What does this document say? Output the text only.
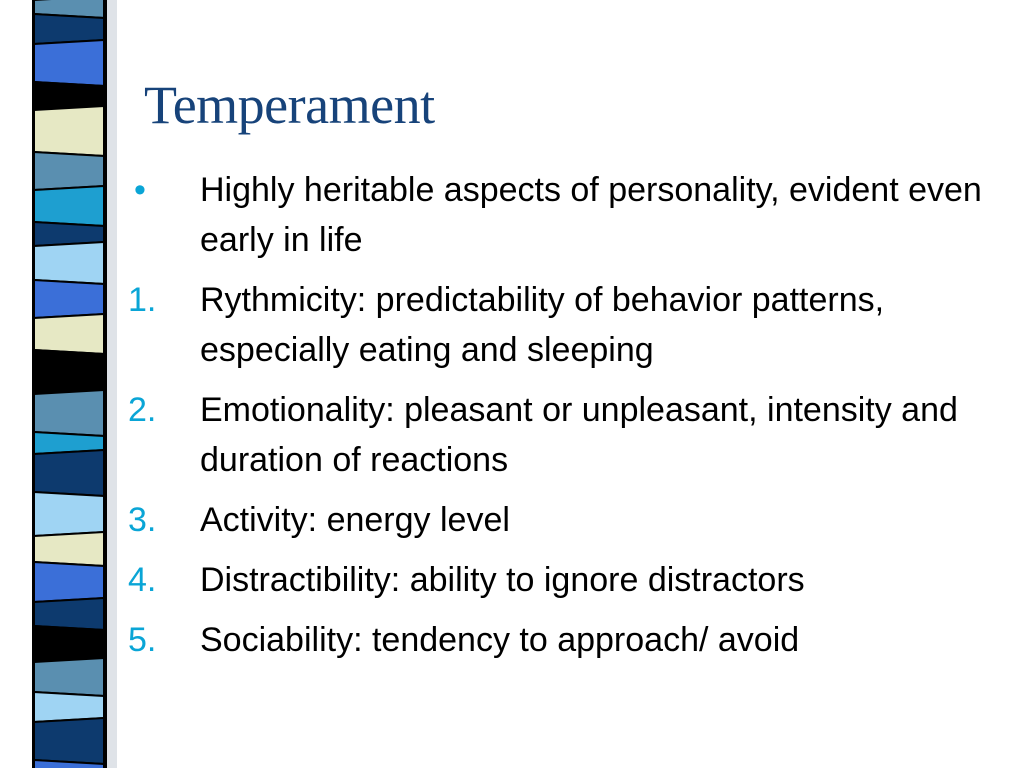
Temperament
• Highly heritable aspects of personality, evident even early in life
1. Rythmicity: predictability of behavior patterns, especially eating and sleeping
2. Emotionality: pleasant or unpleasant, intensity and duration of reactions
3. Activity: energy level
4. Distractibility: ability to ignore distractors
5. Sociability: tendency to approach/ avoid
